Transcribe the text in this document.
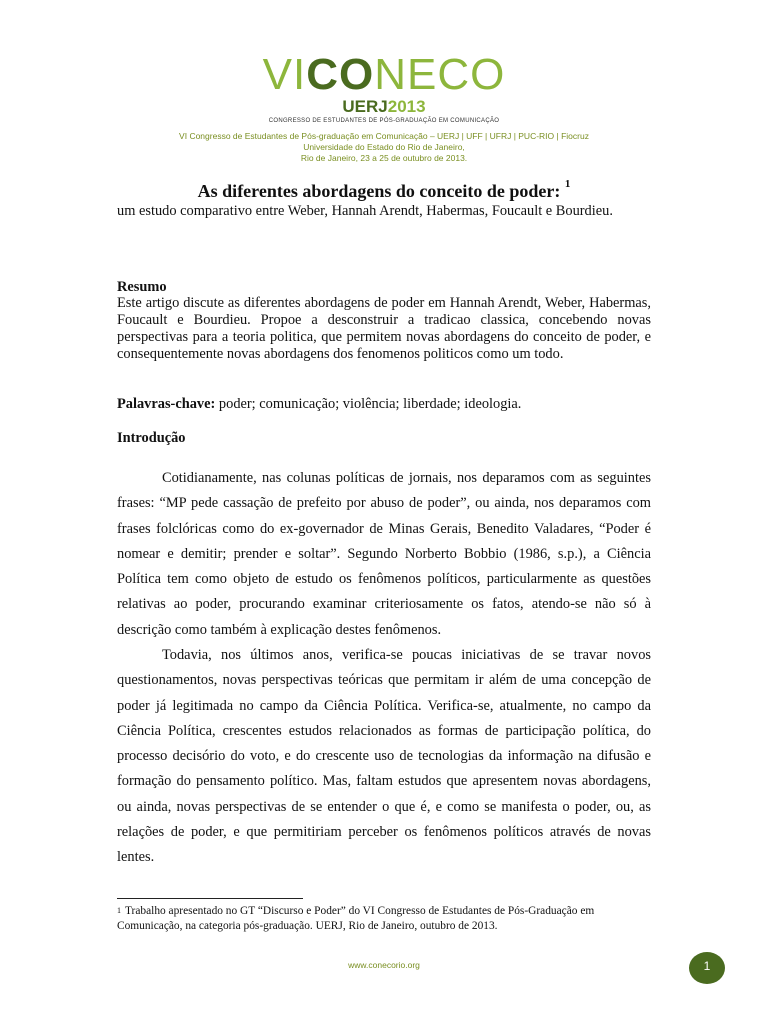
VICONECO
UERJ2013
CONGRESSO DE ESTUDANTES DE PÓS-GRADUAÇÃO EM COMUNICAÇÃO
VI Congresso de Estudantes de Pós-graduação em Comunicação – UERJ | UFF | UFRJ | PUC-RIO | Fiocruz
Universidade do Estado do Rio de Janeiro,
Rio de Janeiro, 23 a 25 de outubro de 2013.
As diferentes abordagens do conceito de poder: $^1$
um estudo comparativo entre Weber, Hannah Arendt, Habermas, Foucault e Bourdieu.
Resumo
Este artigo discute as diferentes abordagens de poder em Hannah Arendt, Weber, Habermas, Foucault e Bourdieu. Propoe a desconstruir a tradicao classica, concebendo novas perspectivas para a teoria politica, que permitem novas abordagens do conceito de poder, e consequentemente novas abordagens dos fenomenos politicos como um todo.
Palavras-chave: poder; comunicação; violência; liberdade; ideologia.
Introdução
Cotidianamente, nas colunas políticas de jornais, nos deparamos com as seguintes frases: “MP pede cassação de prefeito por abuso de poder”, ou ainda, nos deparamos com frases folclóricas como do ex-governador de Minas Gerais, Benedito Valadares, “Poder é nomear e demitir; prender e soltar”. Segundo Norberto Bobbio (1986, s.p.), a Ciência Política tem como objeto de estudo os fenômenos políticos, particularmente as questões relativas ao poder, procurando examinar criteriosamente os fatos, atendo-se não só à descrição como também à explicação destes fenômenos.
Todavia, nos últimos anos, verifica-se poucas iniciativas de se travar novos questionamentos, novas perspectivas teóricas que permitam ir além de uma concepção de poder já legitimada no campo da Ciência Política. Verifica-se, atualmente, no campo da Ciência Política, crescentes estudos relacionados as formas de participação política, do processo decisório do voto, e do crescente uso de tecnologias da informação na difusão e formação do pensamento político. Mas, faltam estudos que apresentem novas abordagens, ou ainda, novas perspectivas de se entender o que é, e como se manifesta o poder, ou, as relações de poder, e que permitiriam perceber os fenômenos políticos através de novas lentes.
$^1$ Trabalho apresentado no GT “Discurso e Poder” do VI Congresso de Estudantes de Pós-Graduação em Comunicação, na categoria pós-graduação. UERJ, Rio de Janeiro, outubro de 2013.
www.conecorio.org	1
